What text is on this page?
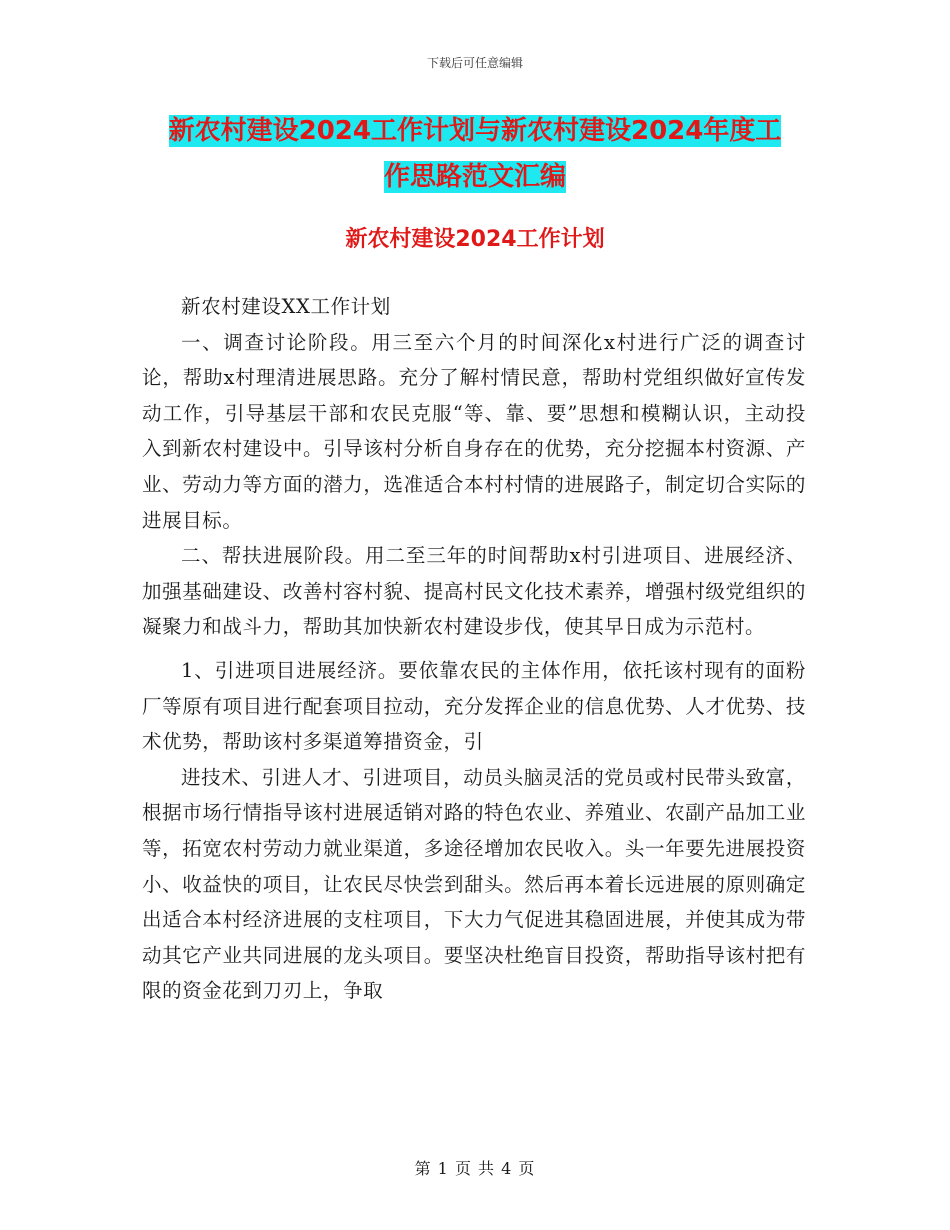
下载后可任意编辑
新农村建设2024工作计划与新农村建设2024年度工
作思路范文汇编
新农村建设2024工作计划

新农村建设XX工作计划

一、调查讨论阶段。用三至六个月的时间深化x村进行广泛的调查讨论，帮助x村理清进展思路。充分了解村情民意，帮助村党组织做好宣传发动工作，引导基层干部和农民克服“等、靠、要”思想和模糊认识，主动投入到新农村建设中。引导该村分析自身存在的优势，充分挖掘本村资源、产业、劳动力等方面的潜力，选准适合本村村情的进展路子，制定切合实际的进展目标。

二、帮扶进展阶段。用二至三年的时间帮助x村引进项目、进展经济、加强基础建设、改善村容村貌、提高村民文化技术素养，增强村级党组织的凝聚力和战斗力，帮助其加快新农村建设步伐，使其早日成为示范村。

1、引进项目进展经济。要依靠农民的主体作用，依托该村现有的面粉厂等原有项目进行配套项目拉动，充分发挥企业的信息优势、人才优势、技术优势，帮助该村多渠道筹措资金，引

进技术、引进人才、引进项目，动员头脑灵活的党员或村民带头致富，根据市场行情指导该村进展适销对路的特色农业、养殖业、农副产品加工业等，拓宽农村劳动力就业渠道，多途径增加农民收入。头一年要先进展投资小、收益快的项目，让农民尽快尝到甜头。然后再本着长远进展的原则确定出适合本村经济进展的支柱项目，下大力气促进其稳固进展，并使其成为带动其它产业共同进展的龙头项目。要坚决杜绝盲目投资，帮助指导该村把有限的资金花到刀刃上，争取

第 1 页 共 4 页
